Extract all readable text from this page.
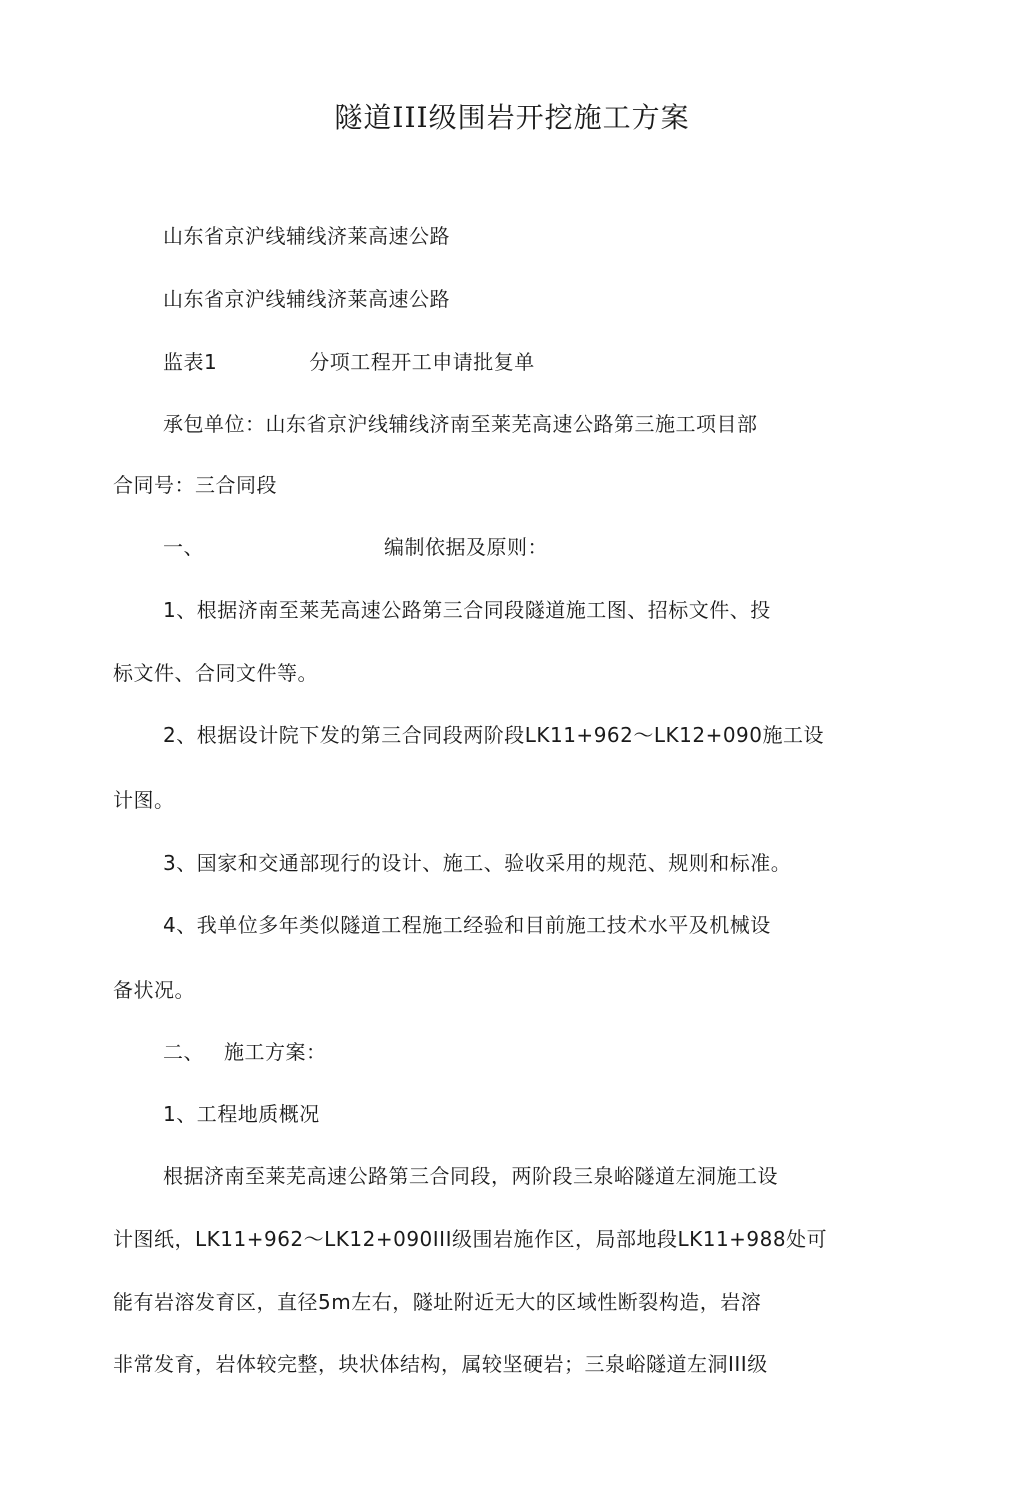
隧道III级围岩开挖施工方案
山东省京沪线辅线济莱高速公路
山东省京沪线辅线济莱高速公路
监表1	分项工程开工申请批复单
承包单位：山东省京沪线辅线济南至莱芜高速公路第三施工项目部
合同号：三合同段
一、	编制依据及原则：
1、根据济南至莱芜高速公路第三合同段隧道施工图、招标文件、投
标文件、合同文件等。
2、根据设计院下发的第三合同段两阶段LK11+962～LK12+090施工设
计图。
3、国家和交通部现行的设计、施工、验收采用的规范、规则和标准。
4、我单位多年类似隧道工程施工经验和目前施工技术水平及机械设
备状况。
二、 施工方案：
1、工程地质概况
根据济南至莱芜高速公路第三合同段，两阶段三泉峪隧道左洞施工设
计图纸，LK11+962～LK12+090III级围岩施作区，局部地段LK11+988处可
能有岩溶发育区，直径5m左右，隧址附近无大的区域性断裂构造，岩溶
非常发育，岩体较完整，块状体结构，属较坚硬岩；三泉峪隧道左洞III级
